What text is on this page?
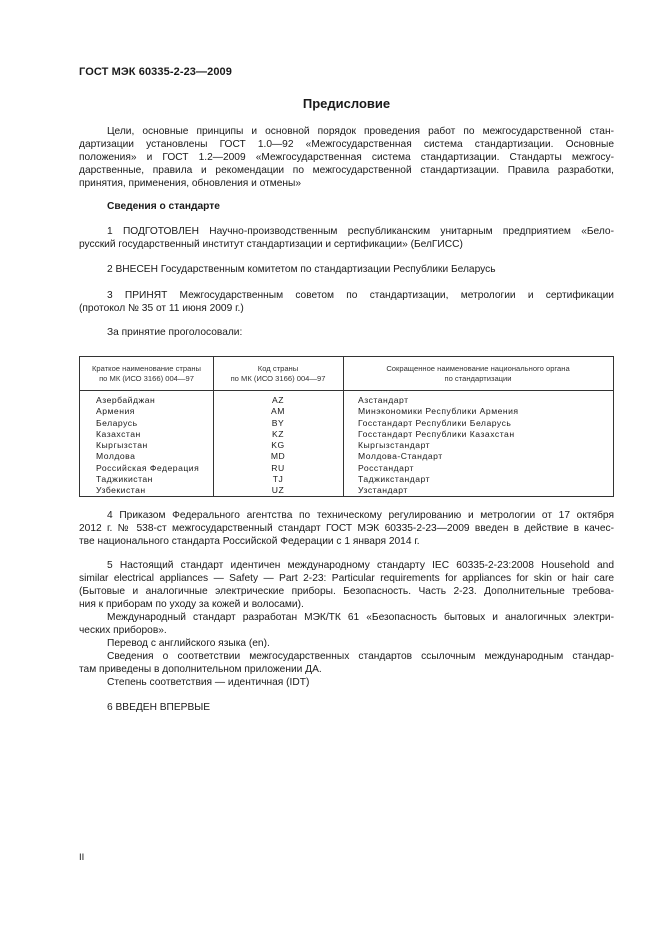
ГОСТ МЭК 60335-2-23—2009
Предисловие
Цели, основные принципы и основной порядок проведения работ по межгосударственной стан-
дартизации установлены ГОСТ 1.0—92 «Межгосударственная система стандартизации. Основные
положения» и ГОСТ 1.2—2009 «Межгосударственная система стандартизации. Стандарты межгосу-
дарственные, правила и рекомендации по межгосударственной стандартизации. Правила разработки,
принятия, применения, обновления и отмены»
Сведения о стандарте
1 ПОДГОТОВЛЕН Научно-производственным республиканским унитарным предприятием «Бело-
русский государственный институт стандартизации и сертификации» (БелГИСС)
2 ВНЕСЕН Государственным комитетом по стандартизации Республики Беларусь
3 ПРИНЯТ Межгосударственным советом по стандартизации, метрологии и сертификации
(протокол № 35 от 11 июня 2009 г.)
За принятие проголосовали:
Краткое наименование страны
по МК (ИСО 3166) 004—97
Код страны
по МК (ИСО 3166) 004—97
Сокращенное наименование национального органа
по стандартизации
Азербайджан
Армения
Беларусь
Казахстан
Кыргызстан
Молдова
Российская Федерация
Таджикистан
Узбекистан
AZ
AM
BY
KZ
KG
MD
RU
TJ
UZ
Азстандарт
Минэкономики Республики Армения
Госстандарт Республики Беларусь
Госстандарт Республики Казахстан
Кыргызстандарт
Молдова-Стандарт
Росстандарт
Таджикстандарт
Узстандарт
4 Приказом Федерального агентства по техническому регулированию и метрологии от 17 октября
2012 г. № 538-ст межгосударственный стандарт ГОСТ МЭК 60335-2-23—2009 введен в действие в качес-
тве национального стандарта Российской Федерации с 1 января 2014 г.
5 Настоящий стандарт идентичен международному стандарту IEC 60335-2-23:2008 Household and
similar electrical appliances — Safety — Part 2-23: Particular requirements for appliances for skin or hair care
(Бытовые и аналогичные электрические приборы. Безопасность. Часть 2-23. Дополнительные требова-
ния к приборам по уходу за кожей и волосами).
Международный стандарт разработан МЭК/ТК 61 «Безопасность бытовых и аналогичных электри-
ческих приборов».
Перевод с английского языка (en).
Сведения о соответствии межгосударственных стандартов ссылочным международным стандар-
там приведены в дополнительном приложении ДА.
Степень соответствия — идентичная (IDT)
6 ВВЕДЕН ВПЕРВЫЕ
II
